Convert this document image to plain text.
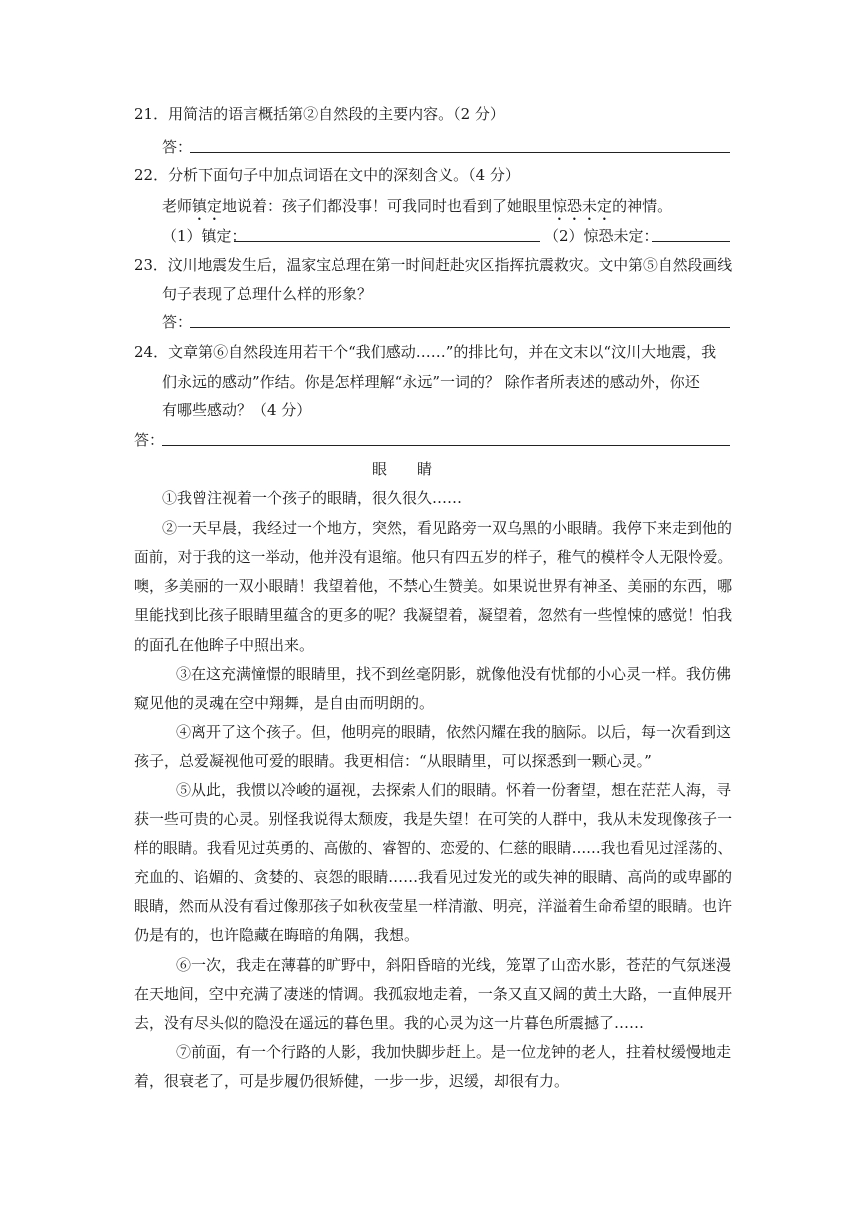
21．用简洁的语言概括第②自然段的主要内容。（2 分）
答：
22．分析下面句子中加点词语在文中的深刻含义。（4 分）
老师镇定地说着：孩子们都没事！可我同时也看到了她眼里惊恐未定的神情。
（1）镇定：	（2）惊恐未定：
23．汶川地震发生后，温家宝总理在第一时间赶赴灾区指挥抗震救灾。文中第⑤自然段画线
句子表现了总理什么样的形象？
答：
24．文章第⑥自然段连用若干个“我们感动……”的排比句，并在文末以“汶川大地震，我
们永远的感动”作结。你是怎样理解“永远”一词的？ 除作者所表述的感动外，你还
有哪些感动？（4 分）
答：
眼　　睛
①我曾注视着一个孩子的眼睛，很久很久……
②一天早晨，我经过一个地方，突然，看见路旁一双乌黑的小眼睛。我停下来走到他的
面前，对于我的这一举动，他并没有退缩。他只有四五岁的样子，稚气的模样令人无限怜爱。
噢，多美丽的一双小眼睛！我望着他，不禁心生赞美。如果说世界有神圣、美丽的东西，哪
里能找到比孩子眼睛里蕴含的更多的呢？我凝望着，凝望着，忽然有一些惶悚的感觉！怕我
的面孔在他眸子中照出来。
③在这充满憧憬的眼睛里，找不到丝毫阴影，就像他没有忧郁的小心灵一样。我仿佛
窥见他的灵魂在空中翔舞，是自由而明朗的。
④离开了这个孩子。但，他明亮的眼睛，依然闪耀在我的脑际。以后，每一次看到这
孩子，总爱凝视他可爱的眼睛。我更相信：“从眼睛里，可以探悉到一颗心灵。”
⑤从此，我惯以冷峻的逼视，去探索人们的眼睛。怀着一份奢望，想在茫茫人海，寻
获一些可贵的心灵。别怪我说得太颓废，我是失望！在可笑的人群中，我从未发现像孩子一
样的眼睛。我看见过英勇的、高傲的、睿智的、恋爱的、仁慈的眼睛……我也看见过淫荡的、
充血的、谄媚的、贪婪的、哀怨的眼睛……我看见过发光的或失神的眼睛、高尚的或卑鄙的
眼睛，然而从没有看过像那孩子如秋夜莹星一样清澈、明亮，洋溢着生命希望的眼睛。也许
仍是有的，也许隐藏在晦暗的角隅，我想。
⑥一次，我走在薄暮的旷野中，斜阳昏暗的光线，笼罩了山峦水影，苍茫的气氛迷漫
在天地间，空中充满了凄迷的情调。我孤寂地走着，一条又直又阔的黄土大路，一直伸展开
去，没有尽头似的隐没在遥远的暮色里。我的心灵为这一片暮色所震撼了……
⑦前面，有一个行路的人影，我加快脚步赶上。是一位龙钟的老人，拄着杖缓慢地走
着，很衰老了，可是步履仍很矫健，一步一步，迟缓，却很有力。
